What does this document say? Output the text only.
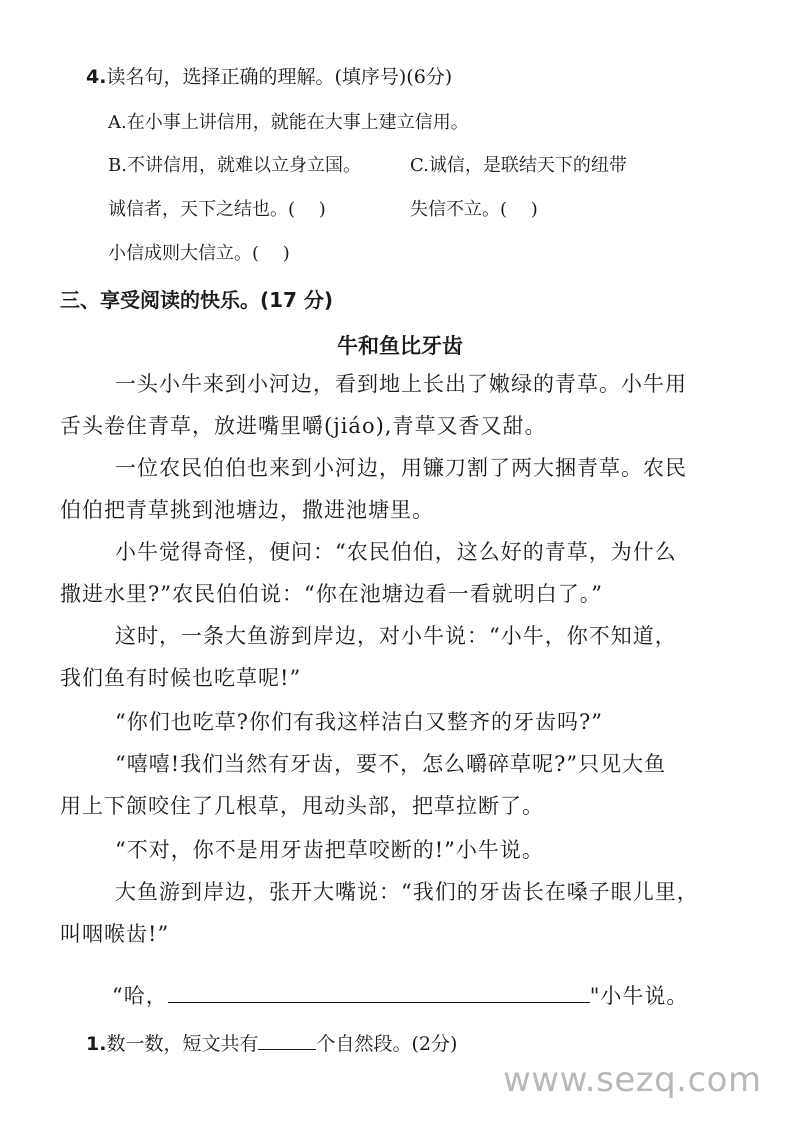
4.读名句，选择正确的理解。(填序号)(6分)
A.在小事上讲信用，就能在大事上建立信用。
B.不讲信用，就难以立身立国。	C.诚信，是联结天下的纽带
诚信者，天下之结也。(　 )	失信不立。(　 )
小信成则大信立。(　 )
三、享受阅读的快乐。(17 分)
牛和鱼比牙齿
一头小牛来到小河边，看到地上长出了嫩绿的青草。小牛用
舌头卷住青草，放进嘴里嚼(jiáo),青草又香又甜。
一位农民伯伯也来到小河边，用镰刀割了两大捆青草。农民
伯伯把青草挑到池塘边，撒进池塘里。
小牛觉得奇怪，便问：“农民伯伯，这么好的青草，为什么
撒进水里?”农民伯伯说：“你在池塘边看一看就明白了。”
这时，一条大鱼游到岸边，对小牛说：“小牛，你不知道，
我们鱼有时候也吃草呢!”
“你们也吃草?你们有我这样洁白又整齐的牙齿吗?”
“嘻嘻!我们当然有牙齿，要不，怎么嚼碎草呢?”只见大鱼
用上下颌咬住了几根草，甩动头部，把草拉断了。
“不对，你不是用牙齿把草咬断的!”小牛说。
大鱼游到岸边，张开大嘴说：“我们的牙齿长在嗓子眼儿里，
叫咽喉齿!”
“哈，	"小牛说。
1.数一数，短文共有	个自然段。(2分)
www.sezq.com
